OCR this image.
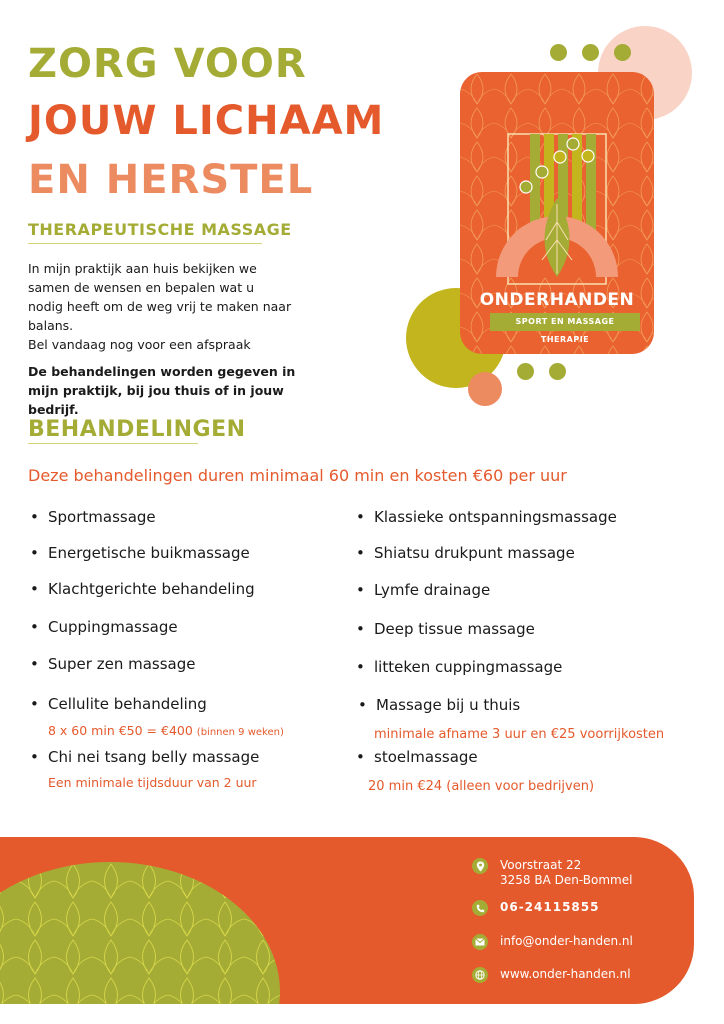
ZORG VOOR
JOUW LICHAAM
EN HERSTEL
THERAPEUTISCHE MASSAGE

In mijn praktijk aan huis bekijken we

samen de wensen en bepalen wat u

nodig heeft om de weg vrij te maken naar

balans.

Bel vandaag nog voor een afspraak

De behandelingen worden gegeven in
mijn praktijk, bij jou thuis of in jouw bedrijf.
ONDERHANDEN
SPORT EN MASSAGE THERAPIE
BEHANDELINGEN
Deze behandelingen duren minimaal 60 min en kosten €60 per uur
• Sportmassage
• Energetische buikmassage
• Klachtgerichte behandeling
• Cuppingmassage
• Super zen massage
• Cellulite behandeling
8 x 60 min €50 = €400 (binnen 9 weken)
• Chi nei tsang belly massage
Een minimale tijdsduur van 2 uur
• Klassieke ontspanningsmassage
• Shiatsu drukpunt massage
• Lymfe drainage
• Deep tissue massage
• litteken cuppingmassage
• Massage bij u thuis
minimale afname 3 uur en €25 voorrijkosten
• stoelmassage
20 min €24 (alleen voor bedrijven)
Voorstraat 22
3258 BA Den-Bommel
06-24115855
info@onder-handen.nl
www.onder-handen.nl
